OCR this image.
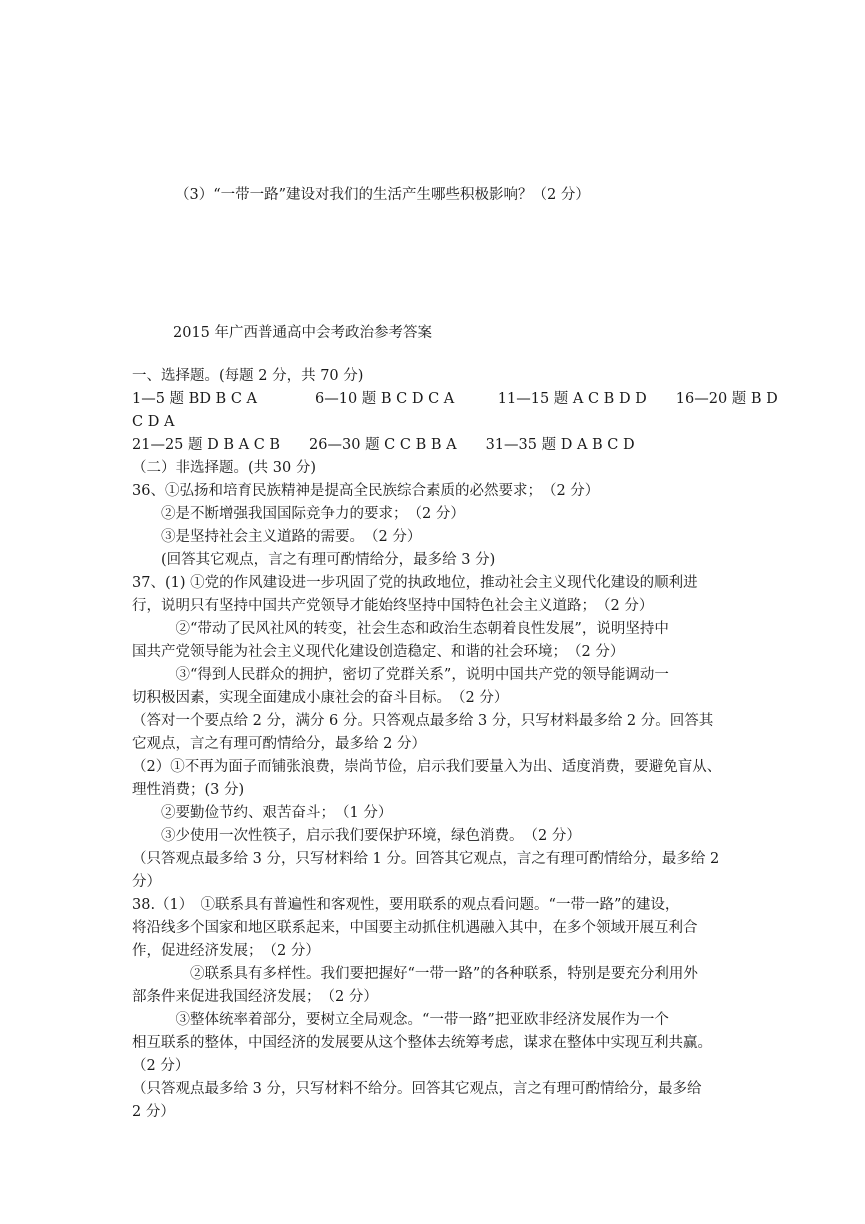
（3）“一带一路”建设对我们的生活产生哪些积极影响？（2 分）
2015 年广西普通高中会考政治参考答案
一、选择题。(每题 2 分，共 70 分)
1—5 题 BD B C A　　　　6—10 题 B C D C A　　　11—15 题 A C B D D　　16—20 题 B D
C D A
21—25 题 D B A C B　　26—30 题 C C B B A　　31—35 题 D A B C D
（二）非选择题。(共 30 分)
36、①弘扬和培育民族精神是提高全民族综合素质的必然要求；　（2 分）
　　②是不断增强我国国际竞争力的要求；　（2 分）
　　③是坚持社会主义道路的需要。　（2 分）
　　(回答其它观点，言之有理可酌情给分，最多给 3 分)
37、(1) ①党的作风建设进一步巩固了党的执政地位，推动社会主义现代化建设的顺利进
行，说明只有坚持中国共产党领导才能始终坚持中国特色社会主义道路；　（2 分）
　　　②“带动了民风社风的转变，社会生态和政治生态朝着良性发展”，说明坚持中
国共产党领导能为社会主义现代化建设创造稳定、和谐的社会环境；　（2 分）
　　　③“得到人民群众的拥护，密切了党群关系”，说明中国共产党的领导能调动一
切积极因素，实现全面建成小康社会的奋斗目标。　（2 分）
（答对一个要点给 2 分，满分 6 分。只答观点最多给 3 分，只写材料最多给 2 分。回答其
它观点，言之有理可酌情给分，最多给 2 分）
（2）①不再为面子而铺张浪费，崇尚节俭，启示我们要量入为出、适度消费，要避免盲从、
理性消费；(3 分)
　　②要勤俭节约、艰苦奋斗；　（1 分）
　　③少使用一次性筷子，启示我们要保护环境，绿色消费。　（2 分）
（只答观点最多给 3 分，只写材料给 1 分。回答其它观点，言之有理可酌情给分，最多给 2
分）
38.（1）　①联系具有普遍性和客观性，要用联系的观点看问题。“一带一路”的建设，
将沿线多个国家和地区联系起来，中国要主动抓住机遇融入其中，在多个领域开展互利合
作，促进经济发展；　（2 分）
　　　　②联系具有多样性。我们要把握好“一带一路”的各种联系，特别是要充分利用外
部条件来促进我国经济发展；　（2 分）
　　　③整体统率着部分，要树立全局观念。“一带一路”把亚欧非经济发展作为一个
相互联系的整体，中国经济的发展要从这个整体去统筹考虑，谋求在整体中实现互利共赢。
（2 分）
（只答观点最多给 3 分，只写材料不给分。回答其它观点，言之有理可酌情给分，最多给
2 分）
